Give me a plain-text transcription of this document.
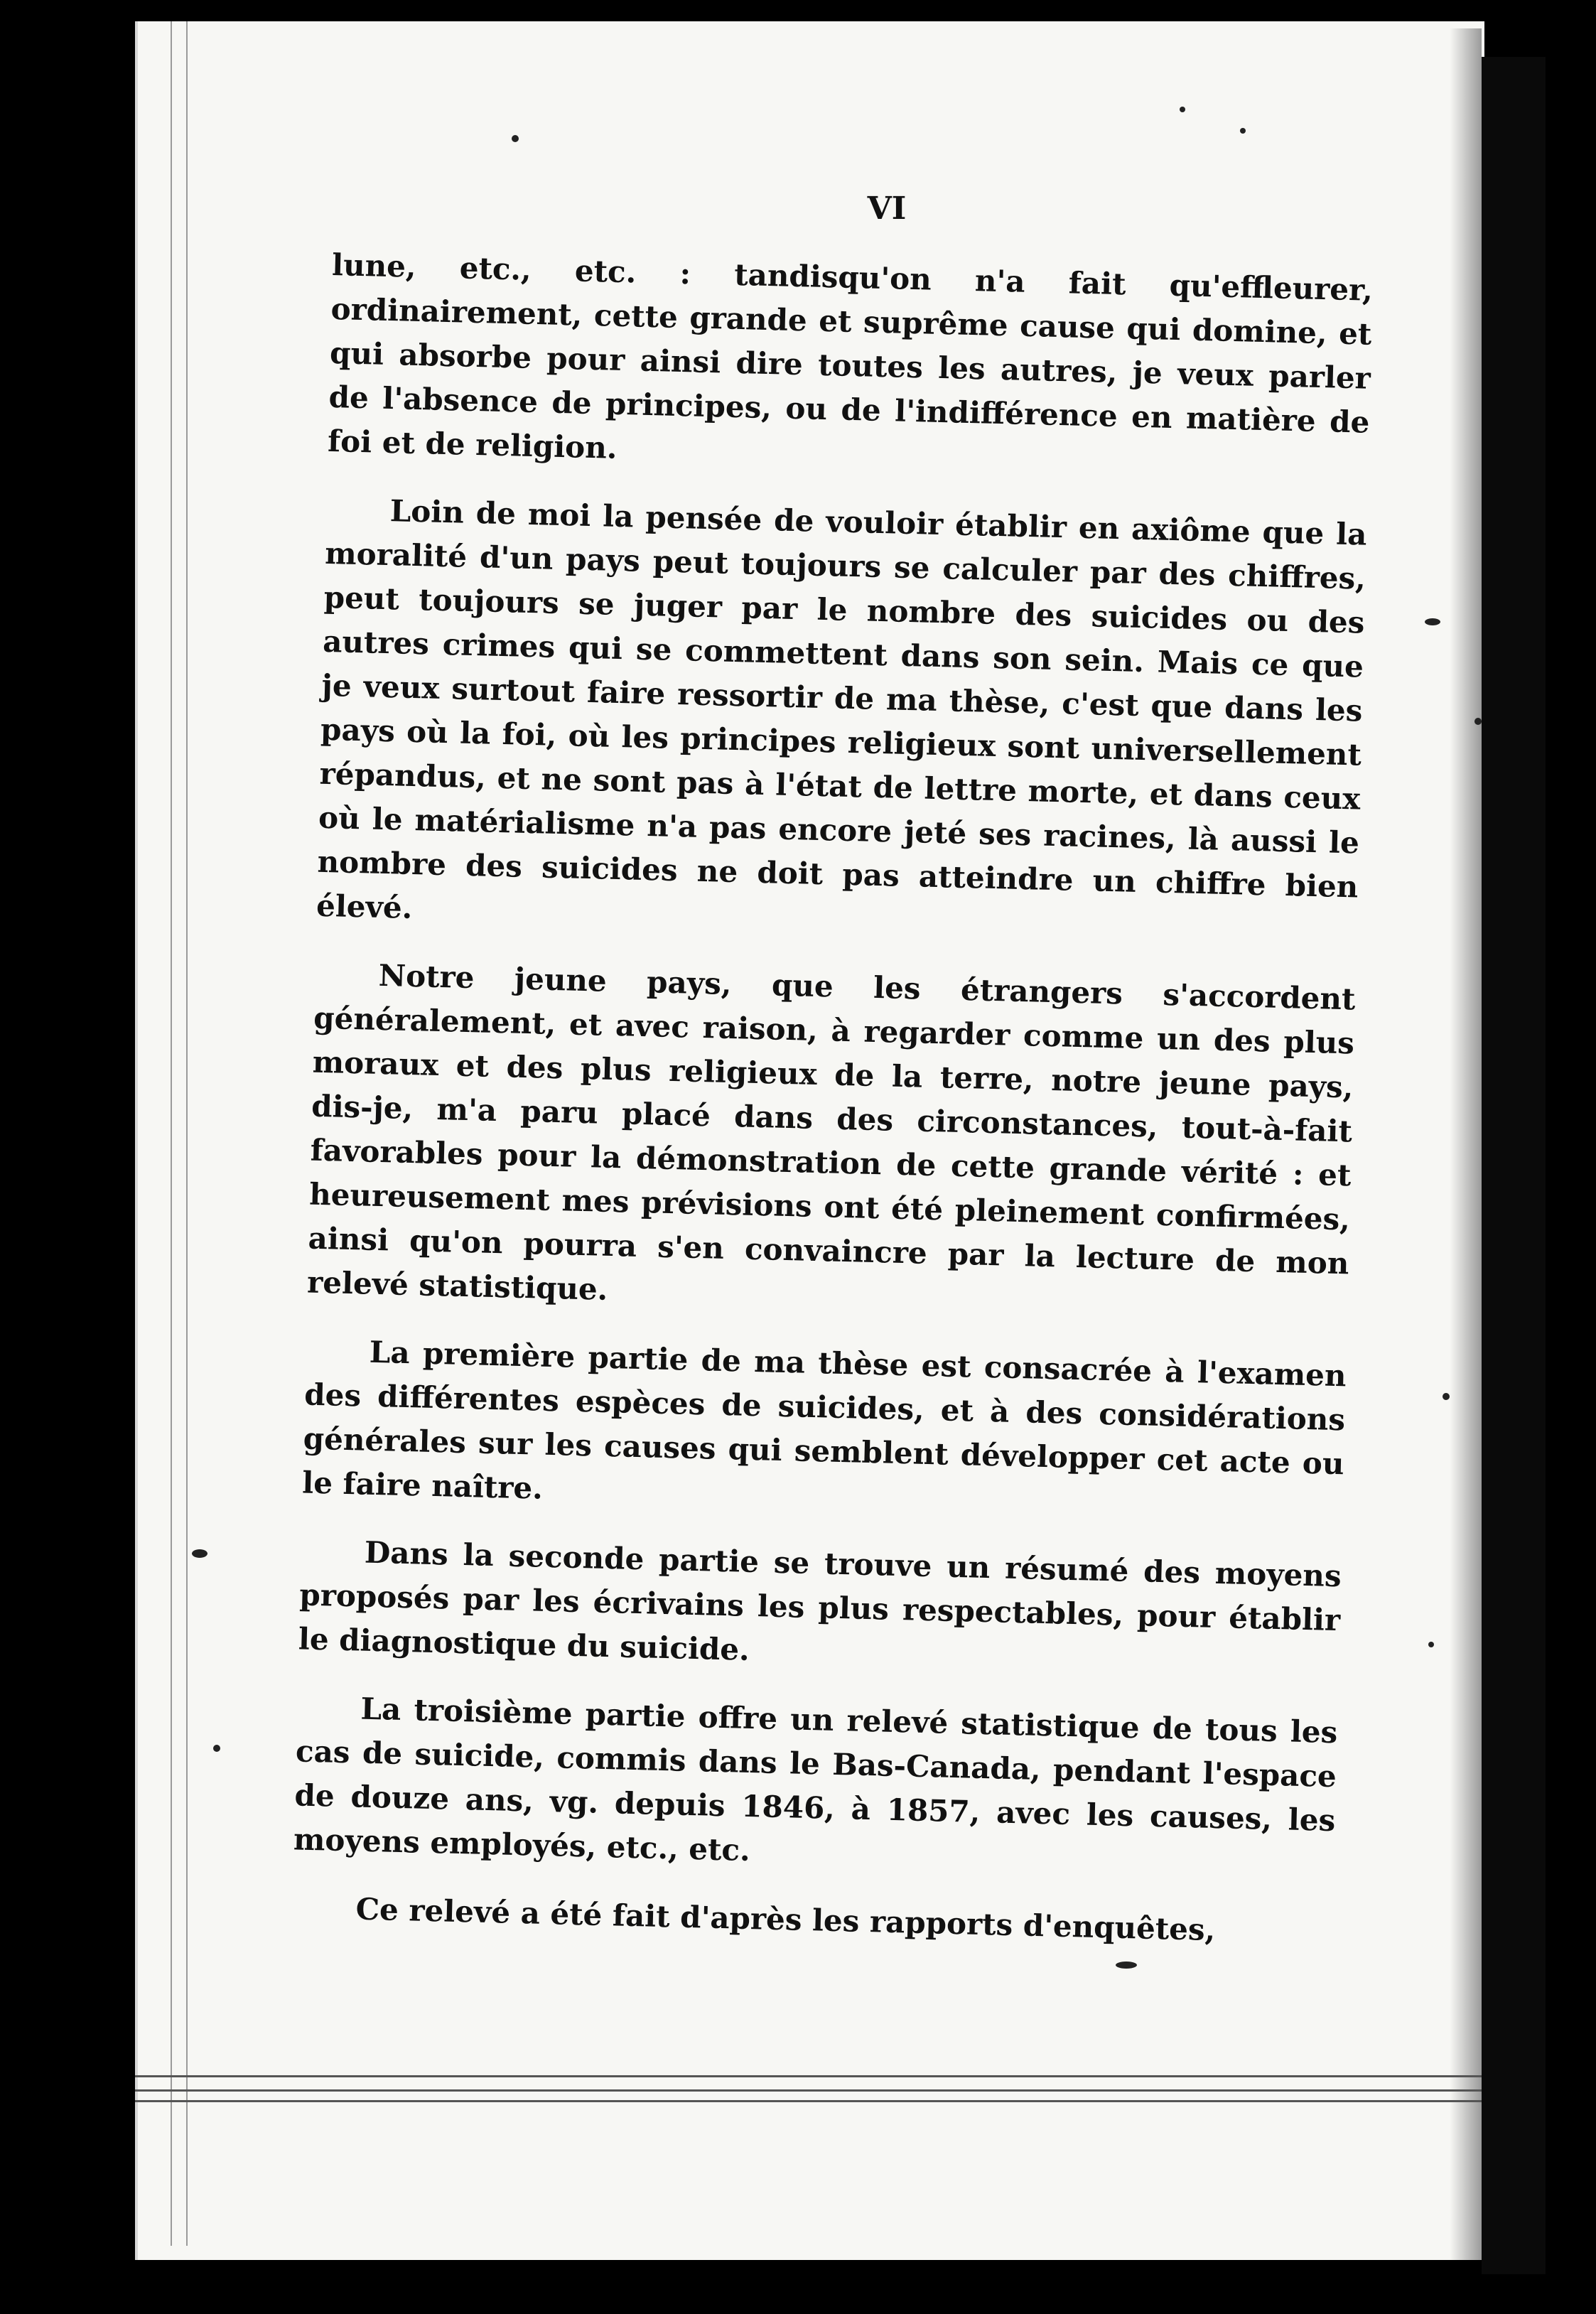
VI

lune, etc., etc. : tandisqu'on n'a fait qu'effleurer, ordinairement, cette grande et suprême cause qui domine, et qui absorbe pour ainsi dire toutes les autres, je veux parler de l'absence de principes, ou de l'indifférence en matière de foi et de religion.

Loin de moi la pensée de vouloir établir en axiôme que la moralité d'un pays peut toujours se calculer par des chiffres, peut toujours se juger par le nombre des suicides ou des autres crimes qui se commettent dans son sein. Mais ce que je veux surtout faire ressortir de ma thèse, c'est que dans les pays où la foi, où les principes religieux sont universellement répandus, et ne sont pas à l'état de lettre morte, et dans ceux où le matérialisme n'a pas encore jeté ses racines, là aussi le nombre des suicides ne doit pas atteindre un chiffre bien élevé.

Notre jeune pays, que les étrangers s'accordent généralement, et avec raison, à regarder comme un des plus moraux et des plus religieux de la terre, notre jeune pays, dis-je, m'a paru placé dans des circonstances, tout-à-fait favorables pour la démonstration de cette grande vérité : et heureusement mes prévisions ont été pleinement confirmées, ainsi qu'on pourra s'en convaincre par la lecture de mon relevé statistique.

La première partie de ma thèse est consacrée à l'examen des différentes espèces de suicides, et à des considérations générales sur les causes qui semblent développer cet acte ou le faire naître.

Dans la seconde partie se trouve un résumé des moyens proposés par les écrivains les plus respectables, pour établir le diagnostique du suicide.

La troisième partie offre un relevé statistique de tous les cas de suicide, commis dans le Bas-Canada, pendant l'espace de douze ans, vg. depuis 1846, à 1857, avec les causes, les moyens employés, etc., etc.

Ce relevé a été fait d'après les rapports d'enquêtes,
